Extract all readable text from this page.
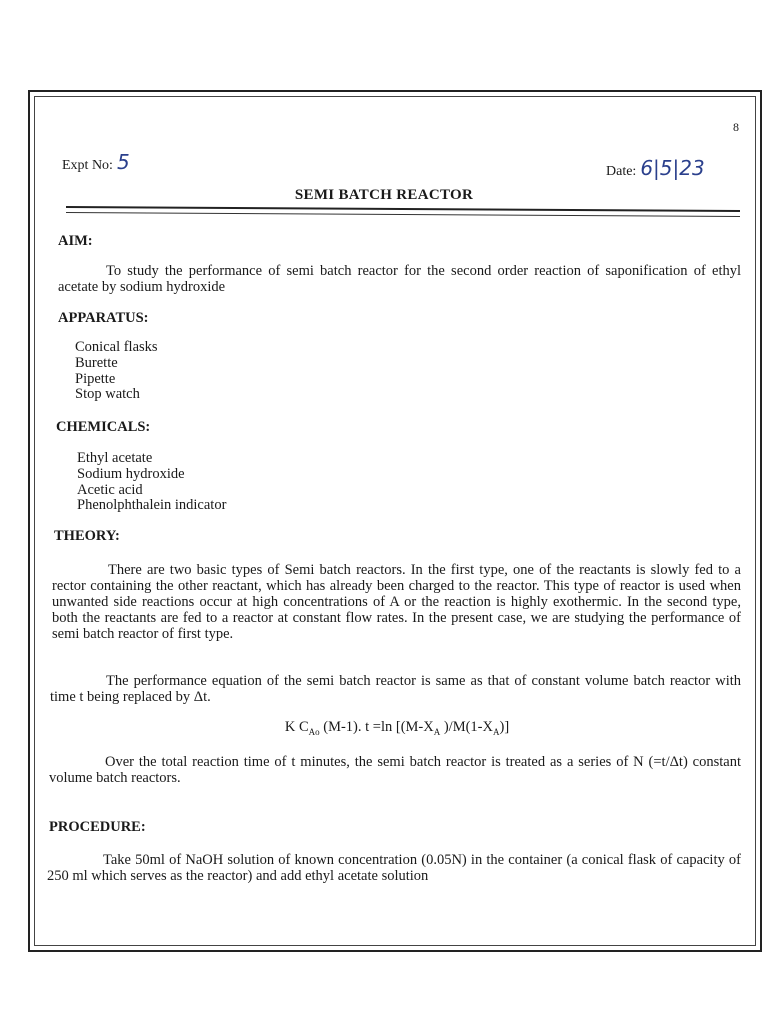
8
Expt No: 5	Date: 6|5|23
SEMI BATCH REACTOR
AIM:
To study the performance of semi batch reactor for the second order reaction of saponification of ethyl acetate by sodium hydroxide
APPARATUS:
Conical flasks
Burette
Pipette
Stop watch
CHEMICALS:
Ethyl acetate
Sodium hydroxide
Acetic acid
Phenolphthalein indicator
THEORY:
There are two basic types of Semi batch reactors. In the first type, one of the reactants is slowly fed to a rector containing the other reactant, which has already been charged to the reactor. This type of reactor is used when unwanted side reactions occur at high concentrations of A or the reaction is highly exothermic. In the second type, both the reactants are fed to a reactor at constant flow rates. In the present case, we are studying the performance of semi batch reactor of first type.
The performance equation of the semi batch reactor is same as that of constant volume batch reactor with time t being replaced by Δt.
K $C_{Ao}$ (M-1). t =ln [($M-X_A$ )$/M(1-X_A)$]
Over the total reaction time of t minutes, the semi batch reactor is treated as a series of N (=t/Δt) constant volume batch reactors.
PROCEDURE:
Take 50ml of NaOH solution of known concentration (0.05N) in the container (a conical flask of capacity of 250 ml which serves as the reactor) and add ethyl acetate solution
